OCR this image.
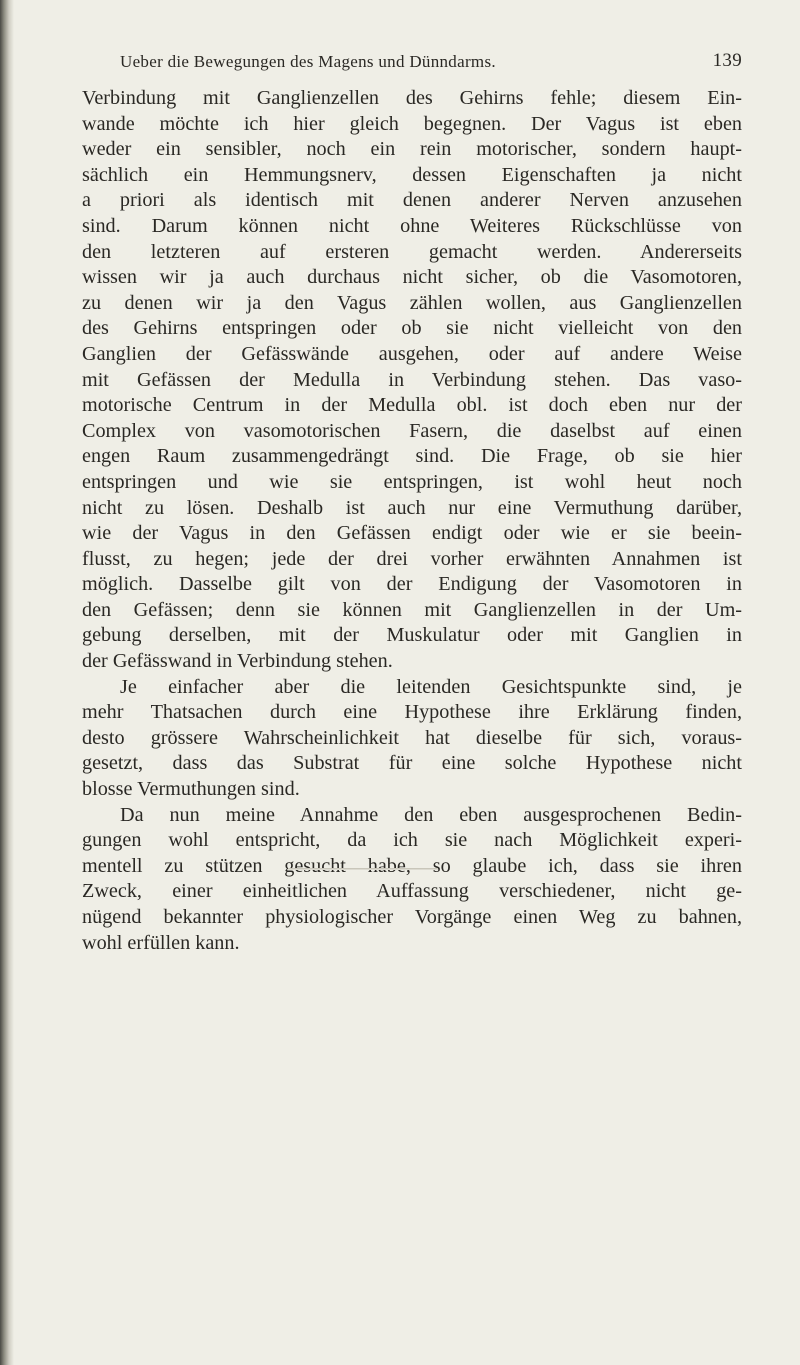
Ueber die Bewegungen des Magens und Dünndarms.	139
Verbindung mit Ganglienzellen des Gehirns fehle; diesem Ein-
wande möchte ich hier gleich begegnen. Der Vagus ist eben
weder ein sensibler, noch ein rein motorischer, sondern haupt-
sächlich ein Hemmungsnerv, dessen Eigenschaften ja nicht
a priori als identisch mit denen anderer Nerven anzusehen
sind. Darum können nicht ohne Weiteres Rückschlüsse von
den letzteren auf ersteren gemacht werden. Andererseits
wissen wir ja auch durchaus nicht sicher, ob die Vasomotoren,
zu denen wir ja den Vagus zählen wollen, aus Ganglienzellen
des Gehirns entspringen oder ob sie nicht vielleicht von den
Ganglien der Gefässwände ausgehen, oder auf andere Weise
mit Gefässen der Medulla in Verbindung stehen. Das vaso-
motorische Centrum in der Medulla obl. ist doch eben nur der
Complex von vasomotorischen Fasern, die daselbst auf einen
engen Raum zusammengedrängt sind. Die Frage, ob sie hier
entspringen und wie sie entspringen, ist wohl heut noch
nicht zu lösen. Deshalb ist auch nur eine Vermuthung darüber,
wie der Vagus in den Gefässen endigt oder wie er sie beein-
flusst, zu hegen; jede der drei vorher erwähnten Annahmen ist
möglich. Dasselbe gilt von der Endigung der Vasomotoren in
den Gefässen; denn sie können mit Ganglienzellen in der Um-
gebung derselben, mit der Muskulatur oder mit Ganglien in
der Gefässwand in Verbindung stehen.
Je einfacher aber die leitenden Gesichtspunkte sind, je
mehr Thatsachen durch eine Hypothese ihre Erklärung finden,
desto grössere Wahrscheinlichkeit hat dieselbe für sich, voraus-
gesetzt, dass das Substrat für eine solche Hypothese nicht
blosse Vermuthungen sind.
Da nun meine Annahme den eben ausgesprochenen Bedin-
gungen wohl entspricht, da ich sie nach Möglichkeit experi-
mentell zu stützen gesucht habe, so glaube ich, dass sie ihren
Zweck, einer einheitlichen Auffassung verschiedener, nicht ge-
nügend bekannter physiologischer Vorgänge einen Weg zu bahnen,
wohl erfüllen kann.
